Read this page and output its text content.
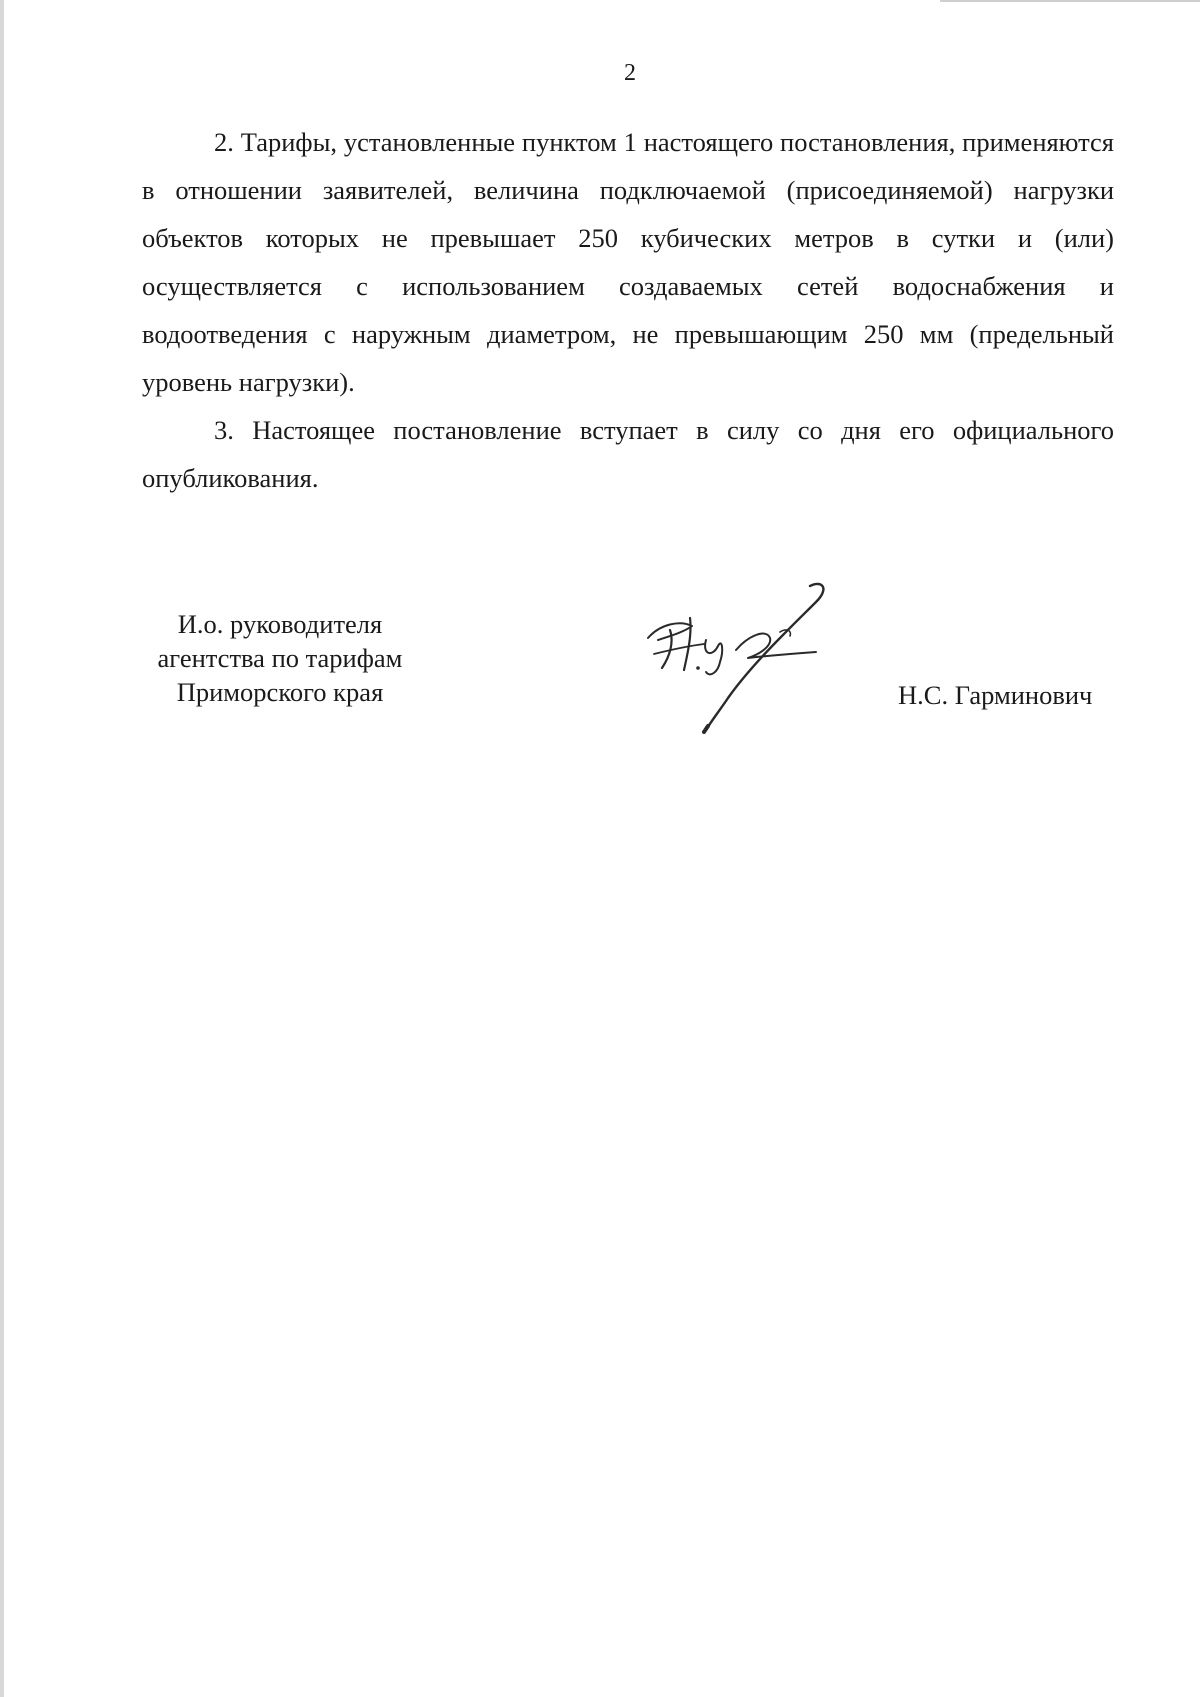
2

2. Тарифы, установленные пунктом 1 настоящего постановления, применяются в отношении заявителей, величина подключаемой (присоединяемой) нагрузки объектов которых не превышает 250 кубических метров в сутки и (или) осуществляется с использованием создаваемых сетей водоснабжения и водоотведения с наружным диаметром, не превышающим 250 мм (предельный уровень нагрузки).

3. Настоящее постановление вступает в силу со дня его официального опубликования.

И.о. руководителя
агентства по тарифам
Приморского края	Н.С. Гарминович
